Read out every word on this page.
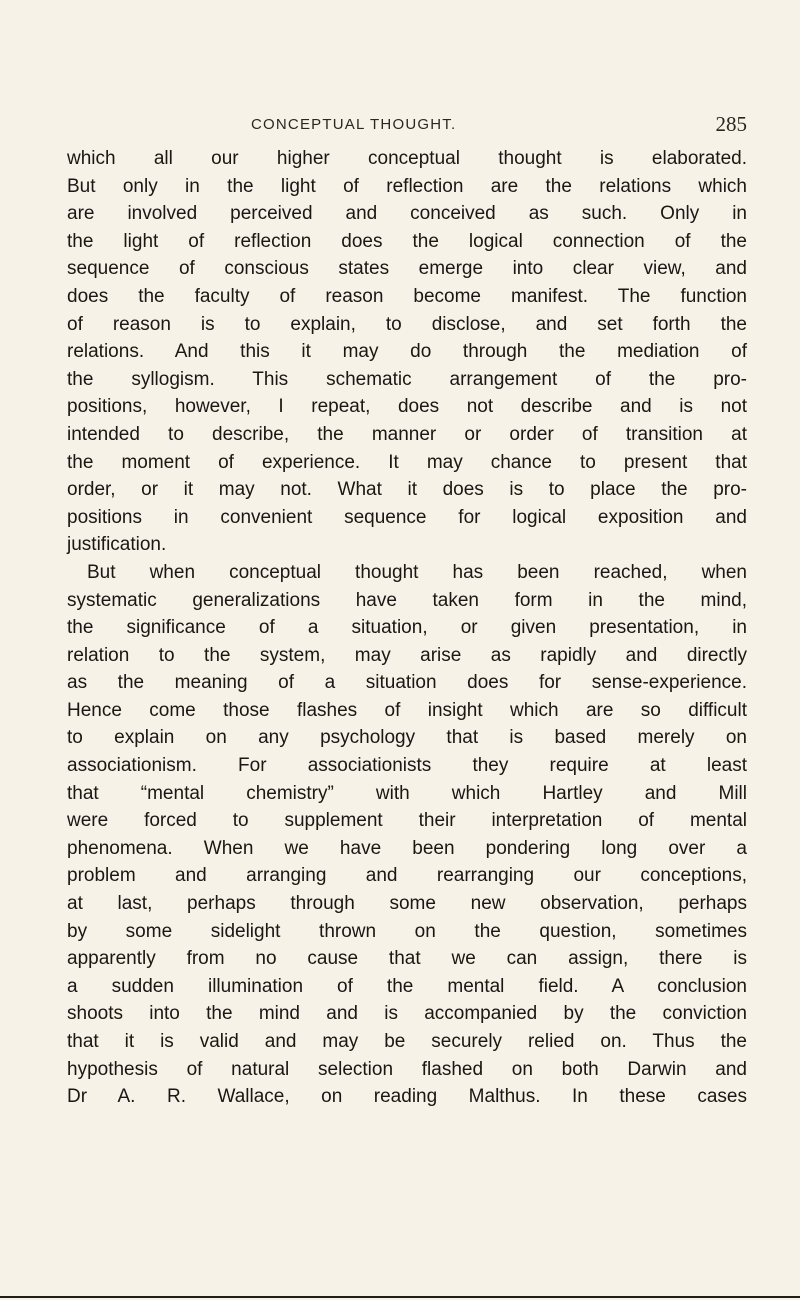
CONCEPTUAL THOUGHT.	285
which all our higher conceptual thought is elaborated.
But only in the light of reflection are the relations which
are involved perceived and conceived as such. Only in
the light of reflection does the logical connection of the
sequence of conscious states emerge into clear view, and
does the faculty of reason become manifest. The function
of reason is to explain, to disclose, and set forth the
relations. And this it may do through the mediation of
the syllogism. This schematic arrangement of the pro-
positions, however, I repeat, does not describe and is not
intended to describe, the manner or order of transition at
the moment of experience. It may chance to present that
order, or it may not. What it does is to place the pro-
positions in convenient sequence for logical exposition and
justification.
But when conceptual thought has been reached, when
systematic generalizations have taken form in the mind,
the significance of a situation, or given presentation, in
relation to the system, may arise as rapidly and directly
as the meaning of a situation does for sense-experience.
Hence come those flashes of insight which are so difficult
to explain on any psychology that is based merely on
associationism. For associationists they require at least
that “mental chemistry” with which Hartley and Mill
were forced to supplement their interpretation of mental
phenomena. When we have been pondering long over a
problem and arranging and rearranging our conceptions,
at last, perhaps through some new observation, perhaps
by some sidelight thrown on the question, sometimes
apparently from no cause that we can assign, there is
a sudden illumination of the mental field. A conclusion
shoots into the mind and is accompanied by the conviction
that it is valid and may be securely relied on. Thus the
hypothesis of natural selection flashed on both Darwin and
Dr A. R. Wallace, on reading Malthus. In these cases
